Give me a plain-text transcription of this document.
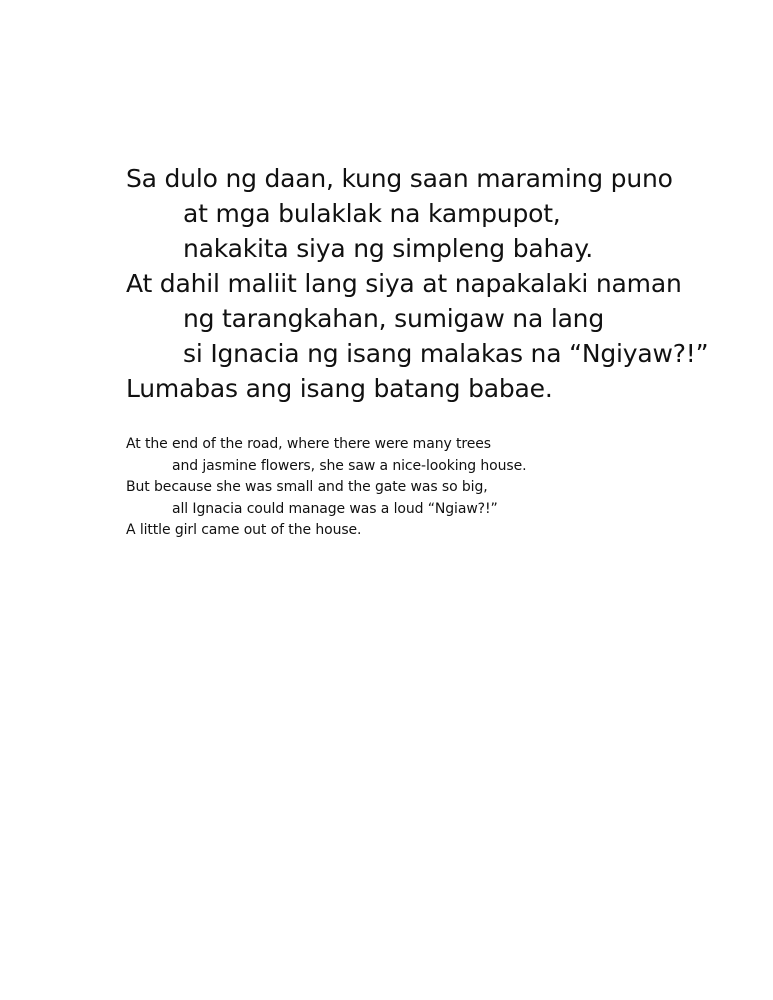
Sa dulo ng daan, kung saan maraming puno
at mga bulaklak na kampupot,
nakakita siya ng simpleng bahay.
At dahil maliit lang siya at napakalaki naman
ng tarangkahan, sumigaw na lang
si Ignacia ng isang malakas na “Ngiyaw?!”
Lumabas ang isang batang babae.
At the end of the road, where there were many trees
and jasmine flowers, she saw a nice-looking house.
But because she was small and the gate was so big,
all Ignacia could manage was a loud “Ngiaw?!”
A little girl came out of the house.
